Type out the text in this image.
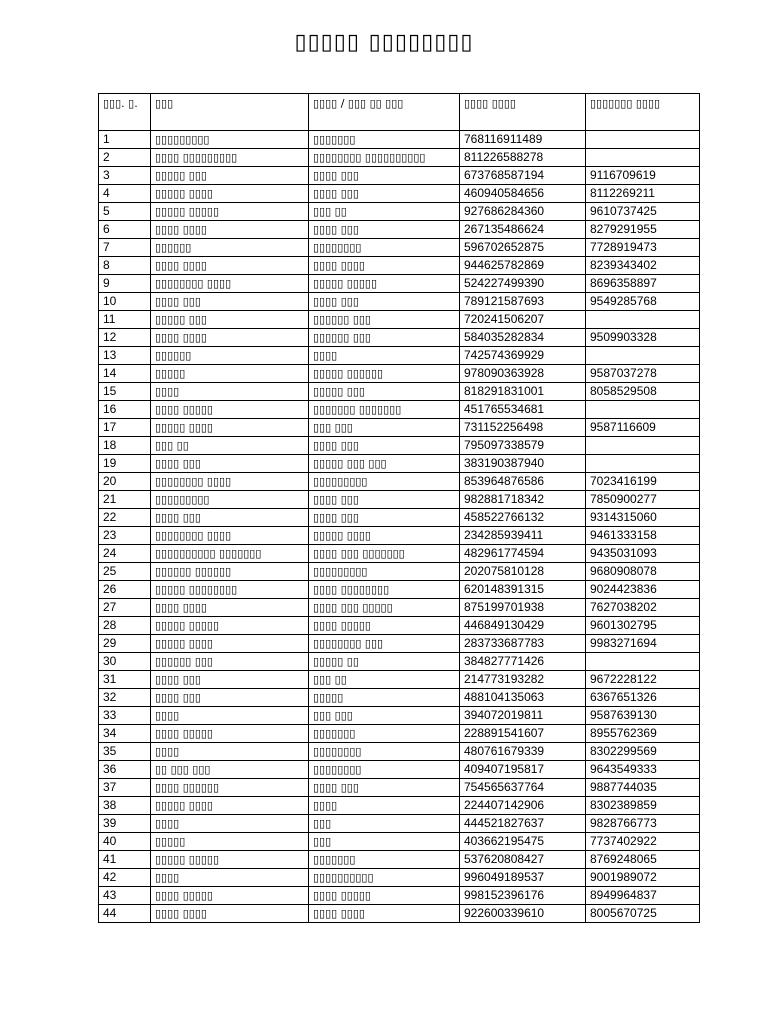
▯▯▯▯▯ ▯▯▯▯▯▯▯▯
▯▯▯. ▯.	▯▯▯	▯▯▯▯ / ▯▯▯ ▯▯ ▯▯▯	▯▯▯▯ ▯▯▯▯	▯▯▯▯▯▯▯ ▯▯▯▯
1	▯▯▯▯▯▯▯▯▯	▯▯▯▯▯▯▯	768116911489	
2	▯▯▯▯ ▯▯▯▯▯▯▯▯▯	▯▯▯▯▯▯▯▯ ▯▯▯▯▯▯▯▯▯▯	811226588278	
3	▯▯▯▯▯ ▯▯▯	▯▯▯▯ ▯▯▯	673768587194	9116709619
4	▯▯▯▯▯ ▯▯▯▯	▯▯▯▯ ▯▯▯	460940584656	8112269211
5	▯▯▯▯▯ ▯▯▯▯▯	▯▯▯ ▯▯	927686284360	9610737425
6	▯▯▯▯ ▯▯▯▯	▯▯▯▯ ▯▯▯	267135486624	8279291955
7	▯▯▯▯▯▯	▯▯▯▯▯▯▯▯	596702652875	7728919473
8	▯▯▯▯ ▯▯▯▯	▯▯▯▯ ▯▯▯▯	944625782869	8239343402
9	▯▯▯▯▯▯▯▯ ▯▯▯▯	▯▯▯▯▯ ▯▯▯▯▯	524227499390	8696358897
10	▯▯▯▯ ▯▯▯	▯▯▯▯ ▯▯▯	789121587693	9549285768
11	▯▯▯▯▯ ▯▯▯	▯▯▯▯▯▯ ▯▯▯	720241506207	
12	▯▯▯▯ ▯▯▯▯	▯▯▯▯▯▯ ▯▯▯	584035282834	9509903328
13	▯▯▯▯▯▯	▯▯▯▯	742574369929	
14	▯▯▯▯▯	▯▯▯▯▯ ▯▯▯▯▯▯	978090363928	9587037278
15	▯▯▯▯	▯▯▯▯▯ ▯▯▯	818291831001	8058529508
16	▯▯▯▯ ▯▯▯▯▯	▯▯▯▯▯▯▯ ▯▯▯▯▯▯▯	451765534681	
17	▯▯▯▯▯ ▯▯▯▯	▯▯▯ ▯▯▯	731152256498	9587116609
18	▯▯▯ ▯▯	▯▯▯▯ ▯▯▯	795097338579	
19	▯▯▯▯ ▯▯▯	▯▯▯▯▯ ▯▯▯ ▯▯▯	383190387940	
20	▯▯▯▯▯▯▯▯ ▯▯▯▯	▯▯▯▯▯▯▯▯▯	853964876586	7023416199
21	▯▯▯▯▯▯▯▯▯	▯▯▯▯ ▯▯▯	982881718342	7850900277
22	▯▯▯▯ ▯▯▯	▯▯▯▯ ▯▯▯	458522766132	9314315060
23	▯▯▯▯▯▯▯▯ ▯▯▯▯	▯▯▯▯▯ ▯▯▯▯	234285939411	9461333158
24	▯▯▯▯▯▯▯▯▯▯ ▯▯▯▯▯▯▯	▯▯▯▯ ▯▯▯ ▯▯▯▯▯▯▯	482961774594	9435031093
25	▯▯▯▯▯▯ ▯▯▯▯▯▯	▯▯▯▯▯▯▯▯▯	202075810128	9680908078
26	▯▯▯▯▯ ▯▯▯▯▯▯▯▯	▯▯▯▯ ▯▯▯▯▯▯▯▯	620148391315	9024423836
27	▯▯▯▯ ▯▯▯▯	▯▯▯▯ ▯▯▯ ▯▯▯▯▯	875199701938	7627038202
28	▯▯▯▯▯ ▯▯▯▯▯	▯▯▯▯ ▯▯▯▯▯	446849130429	9601302795
29	▯▯▯▯▯ ▯▯▯▯	▯▯▯▯▯▯▯▯ ▯▯▯	283733687783	9983271694
30	▯▯▯▯▯▯ ▯▯▯	▯▯▯▯▯ ▯▯	384827771426	
31	▯▯▯▯ ▯▯▯	▯▯▯ ▯▯	214773193282	9672228122
32	▯▯▯▯ ▯▯▯	▯▯▯▯▯	488104135063	6367651326
33	▯▯▯▯	▯▯▯ ▯▯▯	394072019811	9587639130
34	▯▯▯▯ ▯▯▯▯▯	▯▯▯▯▯▯▯	228891541607	8955762369
35	▯▯▯▯	▯▯▯▯▯▯▯▯	480761679339	8302299569
36	▯▯ ▯▯▯ ▯▯▯	▯▯▯▯▯▯▯▯	409407195817	9643549333
37	▯▯▯▯ ▯▯▯▯▯▯	▯▯▯▯ ▯▯▯	754565637764	9887744035
38	▯▯▯▯▯ ▯▯▯▯	▯▯▯▯	224407142906	8302389859
39	▯▯▯▯	▯▯▯	444521827637	9828766773
40	▯▯▯▯▯	▯▯▯	403662195475	7737402922
41	▯▯▯▯▯ ▯▯▯▯▯	▯▯▯▯▯▯▯	537620808427	8769248065
42	▯▯▯▯	▯▯▯▯▯▯▯▯▯▯	996049189537	9001989072
43	▯▯▯▯ ▯▯▯▯▯	▯▯▯▯ ▯▯▯▯▯	998152396176	8949964837
44	▯▯▯▯ ▯▯▯▯	▯▯▯▯ ▯▯▯▯	922600339610	8005670725
